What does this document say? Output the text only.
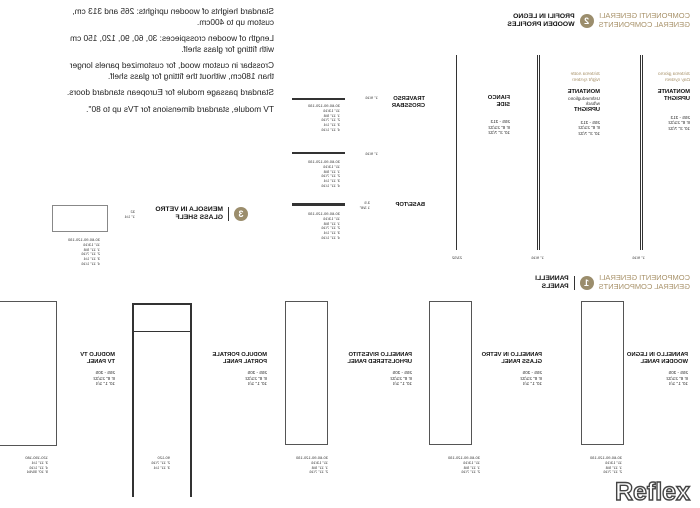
Standard heights of wooden uprights: 265 and 313 cm,
custom up to 400cm.
Length of wooden crosspieces: 30, 60, 90, 120, 150 cm
with fitting for glass shelf.
Crossbar in custom wood, for customized panels longer
than 180cm, without the fitting for glass shelf.
Standard passage module for European standard doors.
TV module, standard dimensions for TVs up to 80''.
COMPONENTI GENERALI
GENERAL COMPONENTS
2
PROFILI IN LEGNO
WOODEN PROFILES
Sistema giorno
Day system
MONTANTE
UPRIGHT
265 - 313
8' 8" 21/32
10' 3" 7/32
Sistema notte
Night system
MONTANTE
Ushmedugliono
w/back
UPRIGHT
265 - 313
8' 8" 21/32
10' 3" 7/32
FIANCO
SIDE
265 - 313
8' 8" 21/32
10' 3" 7/32
1" 9/16
1" 9/16
23/32
TRAVERSO
CROSSBAR
1" 9/16
30-60-90-120-150
11" 13/16
1' 11" 5/8
2' 11" 7/16
3' 11" 1/4
4' 11" 1/16
1" 9/16
30-60-90-120-150
11" 13/16
1' 11" 5/8
2' 11" 7/16
3' 11" 1/4
4' 11" 1/16
BASE/TOP
3.5
1 3/8"
30-60-90-120-150
11" 13/16
1' 11" 5/8
2' 11" 7/16
3' 11" 1/4
4' 11" 1/16
3
MENSOLA IN VETRO
GLASS SHELF
32
1" 1/4
30-60-90-120-150
11" 13/16
1' 11" 5/8
2' 11" 7/16
3' 11" 1/4
4' 11" 1/16
COMPONENTI GENERALI
GENERAL COMPONENTS
1
PANNELLI
PANELS
PANNELLO IN LEGNO
WOODEN PANEL
265 - 305
8' 8" 21/32
10' 1" 1/4
PANNELLO IN VETRO
GLASS PANEL
265 - 305
8' 8" 21/32
10' 1" 1/4
PANNELLO RIVESTITO
UPHOLSTERED PANEL
265 - 305
8' 8" 21/32
10' 1" 1/4
MODULO PORTALE
PORTAL PANEL
265 - 305
8' 8" 21/32
10' 1" 1/4
MODULO TV
TV PANEL
265 - 305
8' 8" 21/32
10' 1" 1/4
30-60-90-120-150
11" 13/16
1' 11" 5/8
2' 11" 7/16
30-60-90-120-150
11" 13/16
1' 11" 5/8
2' 11" 7/16
30-60-90-120-150
11" 13/16
1' 11" 5/8
2' 11" 7/16
90-120
2' 11" 7/16
3' 11" 1/4
120-150-180
3' 11" 1/4
4' 11" 1/16
5' 10" 55/64
Reflex
